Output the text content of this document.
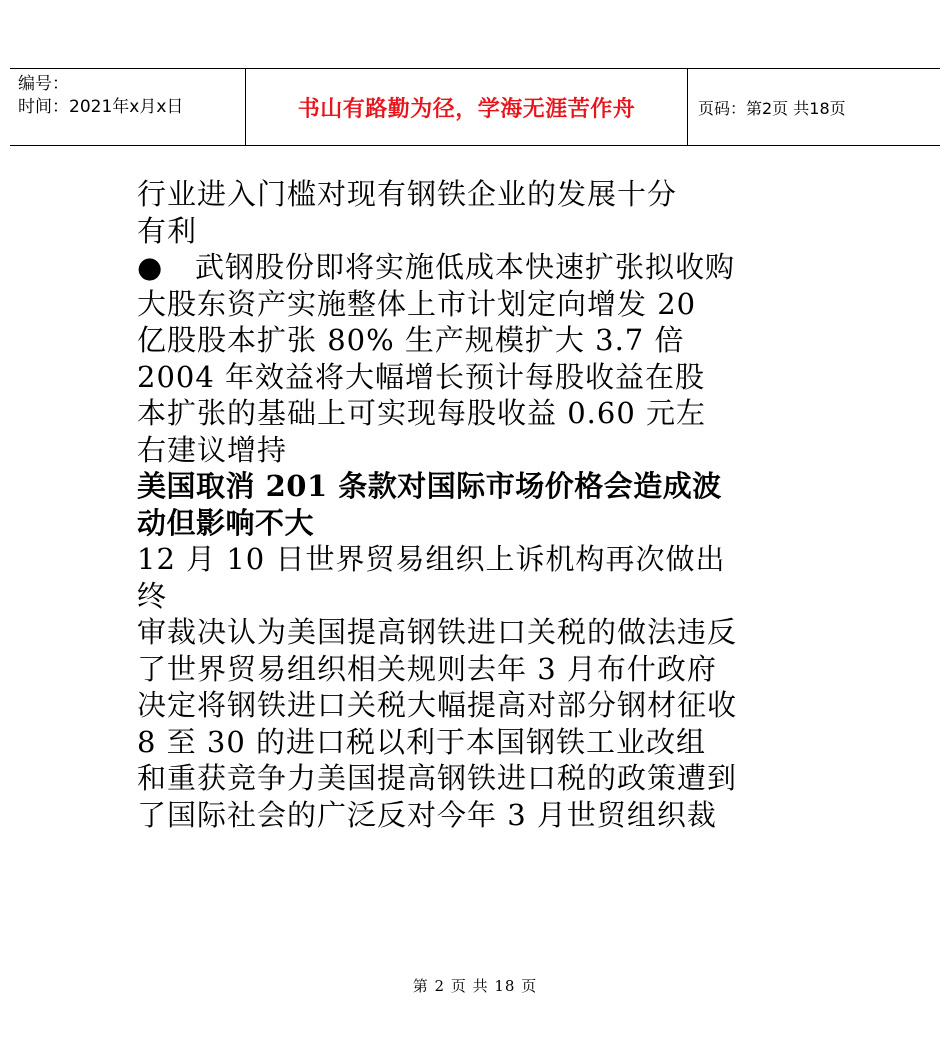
编号：
时间：2021年x月x日	书山有路勤为径，学海无涯苦作舟	页码：第2页 共18页
行业进入门槛对现有钢铁企业的发展十分
有利
● 武钢股份即将实施低成本快速扩张拟收购
大股东资产实施整体上市计划定向增发 20
亿股股本扩张 80% 生产规模扩大 3.7 倍
2004 年效益将大幅增长预计每股收益在股
本扩张的基础上可实现每股收益 0.60 元左
右建议增持
美国取消 201 条款对国际市场价格会造成波
动但影响不大
12 月 10 日世界贸易组织上诉机构再次做出
终
审裁决认为美国提高钢铁进口关税的做法违反
了世界贸易组织相关规则去年 3 月布什政府
决定将钢铁进口关税大幅提高对部分钢材征收
8 至 30 的进口税以利于本国钢铁工业改组
和重获竞争力美国提高钢铁进口税的政策遭到
了国际社会的广泛反对今年 3 月世贸组织裁
第 2 页 共 18 页
